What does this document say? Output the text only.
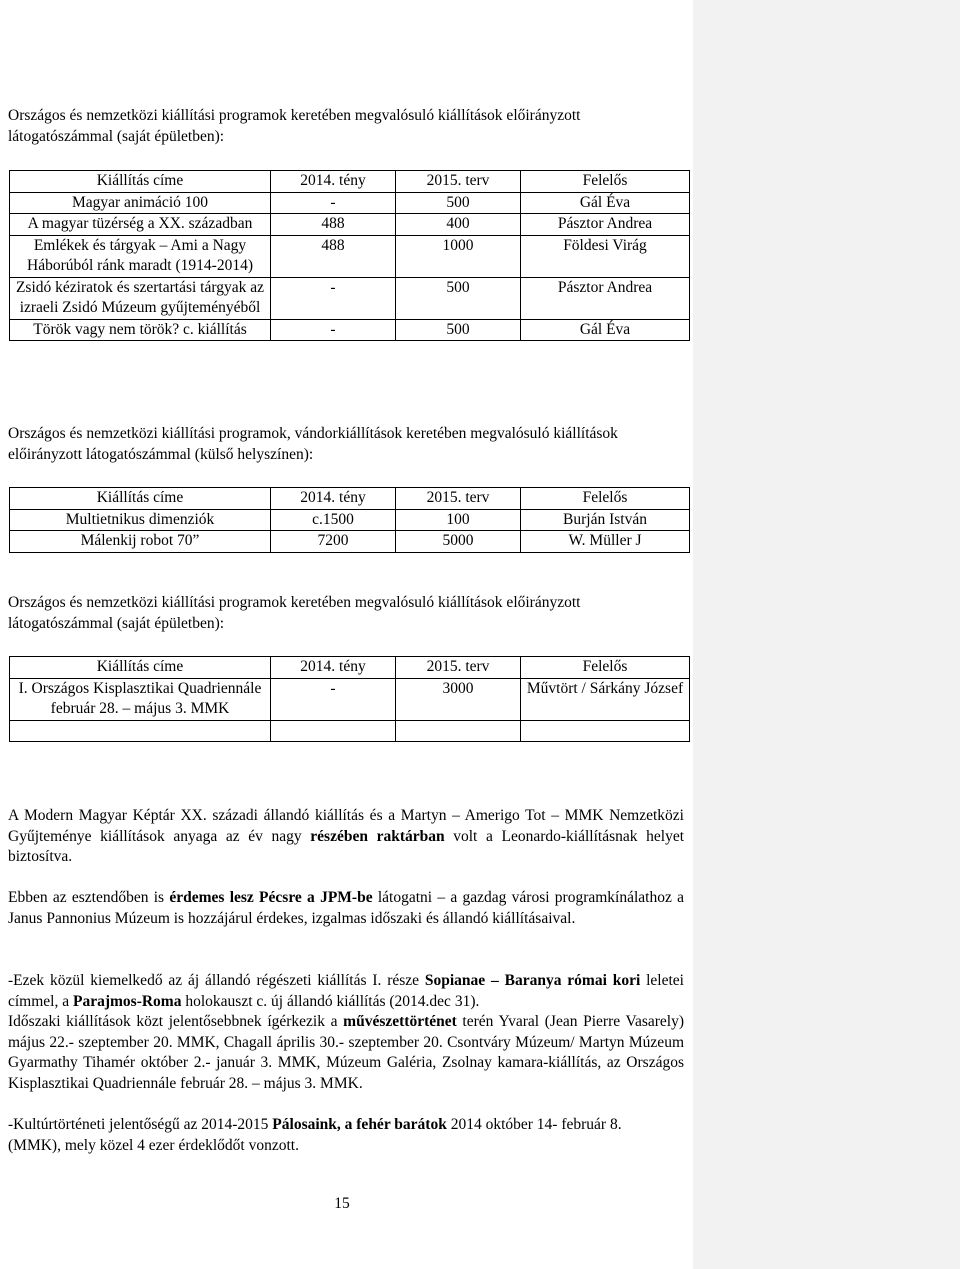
Országos és nemzetközi kiállítási programok keretében megvalósuló kiállítások előirányzott látogatószámmal (saját épületben):

Kiállítás címe	2014. tény	2015. terv	Felelős
Magyar animáció 100	-	500	Gál Éva
A magyar tüzérség a XX. században	488	400	Pásztor Andrea
Emlékek és tárgyak – Ami a Nagy Háborúból ránk maradt (1914-2014)	488	1000	Földesi Virág
Zsidó kéziratok és szertartási tárgyak az izraeli Zsidó Múzeum gyűjteményéből	-	500	Pásztor Andrea
Török vagy nem török? c. kiállítás	-	500	Gál Éva

Országos és nemzetközi kiállítási programok, vándorkiállítások keretében megvalósuló kiállítások előirányzott látogatószámmal (külső helyszínen):

Kiállítás címe	2014. tény	2015. terv	Felelős
Multietnikus dimenziók	c.1500	100	Burján István
Málenkij robot 70”	7200	5000	W. Müller J

Országos és nemzetközi kiállítási programok keretében megvalósuló kiállítások előirányzott látogatószámmal (saját épületben):

Kiállítás címe	2014. tény	2015. terv	Felelős
I. Országos Kisplasztikai Quadriennále február 28. – május 3. MMK	-	3000	Művtört / Sárkány József

A Modern Magyar Képtár XX. századi állandó kiállítás és a Martyn – Amerigo Tot – MMK Nemzetközi Gyűjteménye kiállítások anyaga az év nagy részében raktárban volt a Leonardo-kiállításnak helyet biztosítva.

Ebben az esztendőben is érdemes lesz Pécsre a JPM-be látogatni – a gazdag városi programkínálathoz a Janus Pannonius Múzeum is hozzájárul érdekes, izgalmas időszaki és állandó kiállításaival.

-Ezek közül kiemelkedő az áj állandó régészeti kiállítás I. része Sopianae – Baranya római kori leletei címmel, a Parajmos-Roma holokauszt c. új állandó kiállítás (2014.dec 31).

Időszaki kiállítások közt jelentősebbnek ígérkezik a művészettörténet terén Yvaral (Jean Pierre Vasarely) május 22.- szeptember 20. MMK, Chagall április 30.- szeptember 20. Csontváry Múzeum/ Martyn Múzeum Gyarmathy Tihamér október 2.- január 3. MMK, Múzeum Galéria, Zsolnay kamara-kiállítás, az Országos Kisplasztikai Quadriennále február 28. – május 3. MMK.

-Kultúrtörténeti jelentőségű az 2014-2015 Pálosaink, a fehér barátok 2014 október 14- február 8. (MMK), mely közel 4 ezer érdeklődőt vonzott.

15
